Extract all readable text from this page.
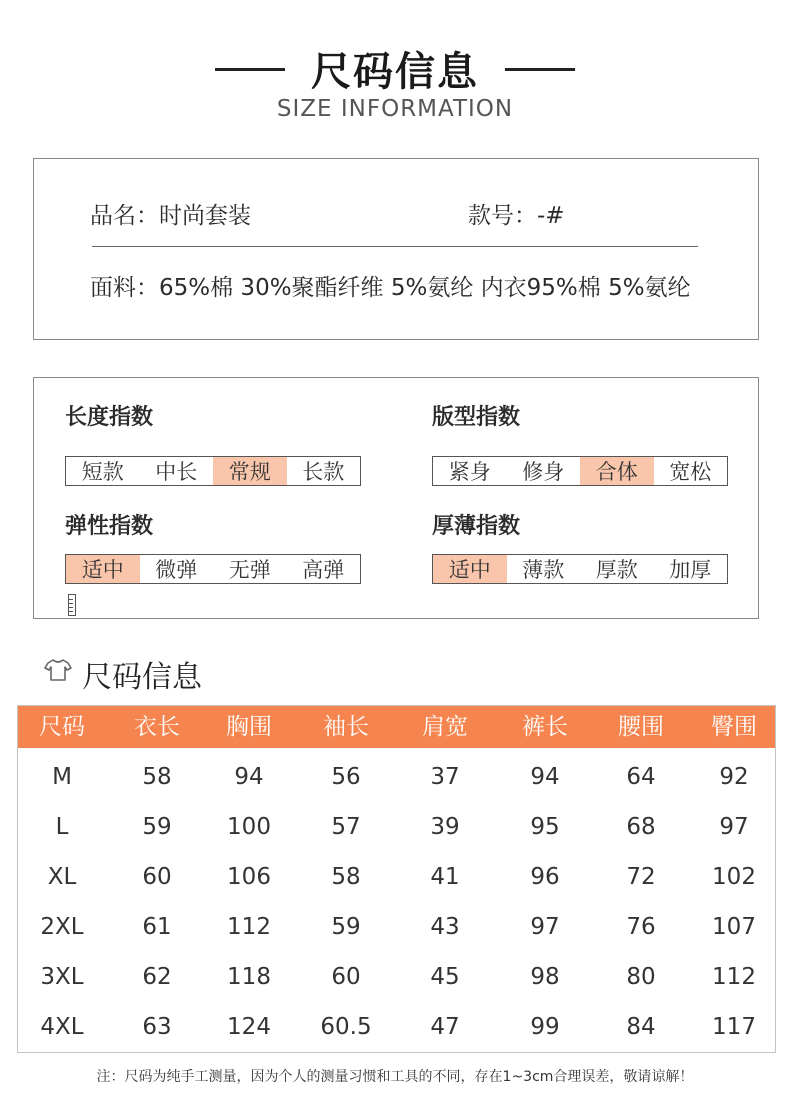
尺码信息
SIZE INFORMATION
品名：时尚套装	款号：-#
面料：65%棉 30%聚酯纤维 5%氨纶 内衣95%棉 5%氨纶
长度指数
短款	中长	常规	长款
版型指数
紧身	修身	合体	宽松
弹性指数
适中	微弹	无弹	高弹
厚薄指数
适中	薄款	厚款	加厚
尺码信息
尺码	衣长	胸围	袖长	肩宽	裤长	腰围	臀围
M	58	94	56	37	94	64	92
L	59	100	57	39	95	68	97
XL	60	106	58	41	96	72	102
2XL	61	112	59	43	97	76	107
3XL	62	118	60	45	98	80	112
4XL	63	124	60.5	47	99	84	117
注：尺码为纯手工测量，因为个人的测量习惯和工具的不同，存在1~3cm合理误差，敬请谅解！
